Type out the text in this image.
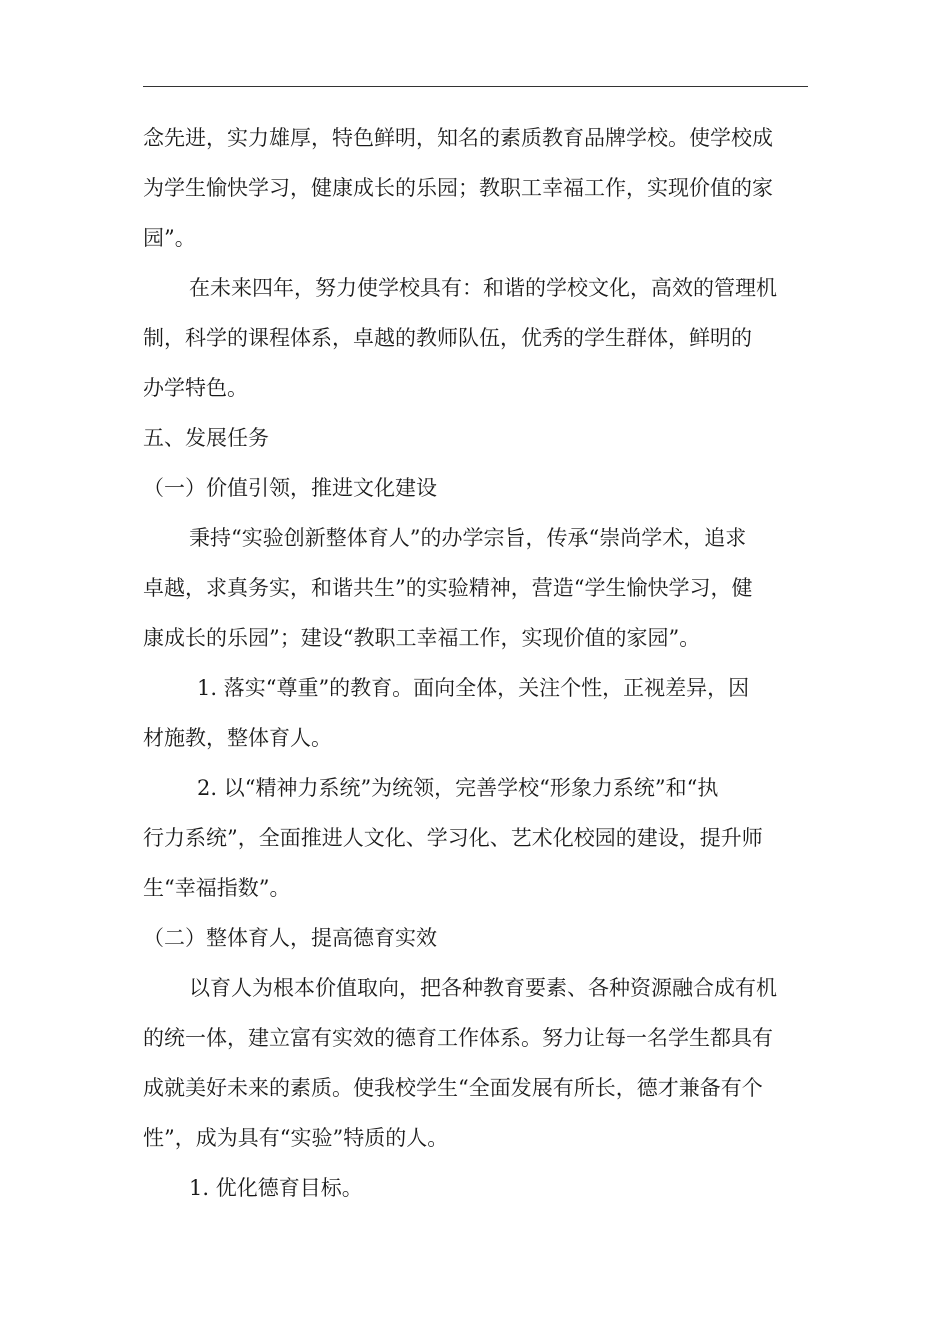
念先进，实力雄厚，特色鲜明，知名的素质教育品牌学校。使学校成
为学生愉快学习，健康成长的乐园；教职工幸福工作，实现价值的家
园”。
在未来四年，努力使学校具有：和谐的学校文化，高效的管理机
制，科学的课程体系，卓越的教师队伍，优秀的学生群体，鲜明的
办学特色。
五、发展任务
（一）价值引领，推进文化建设
秉持“实验创新整体育人”的办学宗旨，传承“崇尚学术，追求
卓越，求真务实，和谐共生”的实验精神，营造“学生愉快学习，健
康成长的乐园”；建设“教职工幸福工作，实现价值的家园”。
1. 落实“尊重”的教育。面向全体，关注个性，正视差异，因
材施教，整体育人。
2. 以“精神力系统”为统领，完善学校“形象力系统”和“执
行力系统”，全面推进人文化、学习化、艺术化校园的建设，提升师
生“幸福指数”。
（二）整体育人，提高德育实效
以育人为根本价值取向，把各种教育要素、各种资源融合成有机
的统一体，建立富有实效的德育工作体系。努力让每一名学生都具有
成就美好未来的素质。使我校学生“全面发展有所长，德才兼备有个
性”，成为具有“实验”特质的人。
1. 优化德育目标。
